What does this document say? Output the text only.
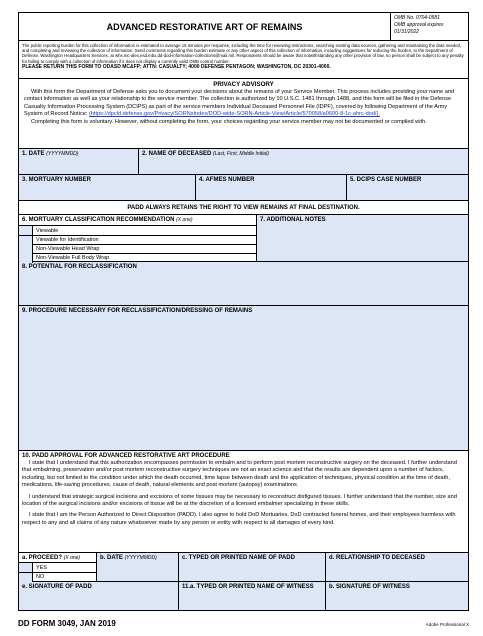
ADVANCED RESTORATIVE ART OF REMAINS
OMB No. 0704-0581
OMB approval expires
01/31/2022
The public reporting burden for this collection of information is estimated to average 15 minutes per response, including the time for reviewing instructions, searching existing data sources, gathering and maintaining the data needed, and completing and reviewing the collection of information. Send comments regarding this burden estimate or any other aspect of this collection of information, including suggestions for reducing the burden, to the Department of Defense, Washington Headquarters Services, at whs.mc-alex.esd.mbx.dd-dod-information-collections@mail.mil. Respondents should be aware that notwithstanding any other provision of law, no person shall be subject to any penalty for failing to comply with a collection of information if it does not display a currently valid OMB control number.
PLEASE RETURN THIS FORM TO ODASD MC&FP; ATTN: CASUALTY; 4000 DEFENSE PENTAGON; WASHINGTON, DC 20301-4000.
PRIVACY ADVISORY
With this form the Department of Defense asks you to document your decisions about the remains of your Service Member. This process includes providing your name and contact information as well as your relationship to the service member. The collection is authorized by 10 U.S.C. 1481 through 1488, and this form will be filed in the Defense Casualty Information Processing System (DCIPS) as part of the service members Individual Deceased Personnel File (IDPF), covered by following Department of the Army System of Record Notice: (https://dpcld.defense.gov/Privacy/SORNsIndex/DOD-wide-SORN-Article-View/Article/570058/a0600-8-1c-ahrc-dod/).
Completing this form is voluntary. However, without completing the form, your choices regarding your service member may not be documented or complied with.
1. DATE (YYYYMMDD)	2. NAME OF DECEASED (Last, First, Middle Initial)
3. MORTUARY NUMBER	4. AFMES NUMBER	5. DCIPS CASE NUMBER
PADD ALWAYS RETAINS THE RIGHT TO VIEW REMAINS AT FINAL DESTINATION.
6. MORTUARY CLASSIFICATION RECOMMENDATION (X one)
Viewable
Viewable for Identification
Non-Viewable Head Wrap
Non-Viewable Full Body Wrap
7. ADDITIONAL NOTES
8. POTENTIAL FOR RECLASSIFICATION
9. PROCEDURE NECESSARY FOR RECLASSIFICATION/DRESSING OF REMAINS
10. PADD APPROVAL FOR ADVANCED RESTORATIVE ART PROCEDURE
I state that I understand that this authorization encompasses permission to embalm and to perform post mortem reconstructive surgery on the deceased. I further understand that embalming, preservation and/or post mortem reconstructive surgery techniques are not an exact science and that the results are dependent upon a number of factors, including, but not limited to the condition under which the death occurred, time lapse between death and the application of techniques, physical condition at the time of death, medications, life-saving procedures, cause of death, natural elements and post mortem (autopsy) examinations.
I understand that strategic surgical incisions and excisions of some tissues may be necessary to reconstruct disfigured tissues. I further understand that the number, size and location of the surgical incisions and/or excisions of tissue will be at the discretion of a licensed embalmer specializing in these skills.
I state that I am the Person Authorized to Direct Disposition (PADD). I also agree to hold DoD Mortuaries, DoD contracted funeral homes, and their employees harmless with respect to any and all claims of any nature whatsoever made by any person or entity with respect to all damages of every kind.
a. PROCEED? (X one)
YES
NO
b. DATE (YYYYMMDD)	c. TYPED OR PRINTED NAME OF PADD	d. RELATIONSHIP TO DECEASED
e. SIGNATURE OF PADD	11.a. TYPED OR PRINTED NAME OF WITNESS	b. SIGNATURE OF WITNESS
DD FORM 3049, JAN 2019	Adobe Professional X
